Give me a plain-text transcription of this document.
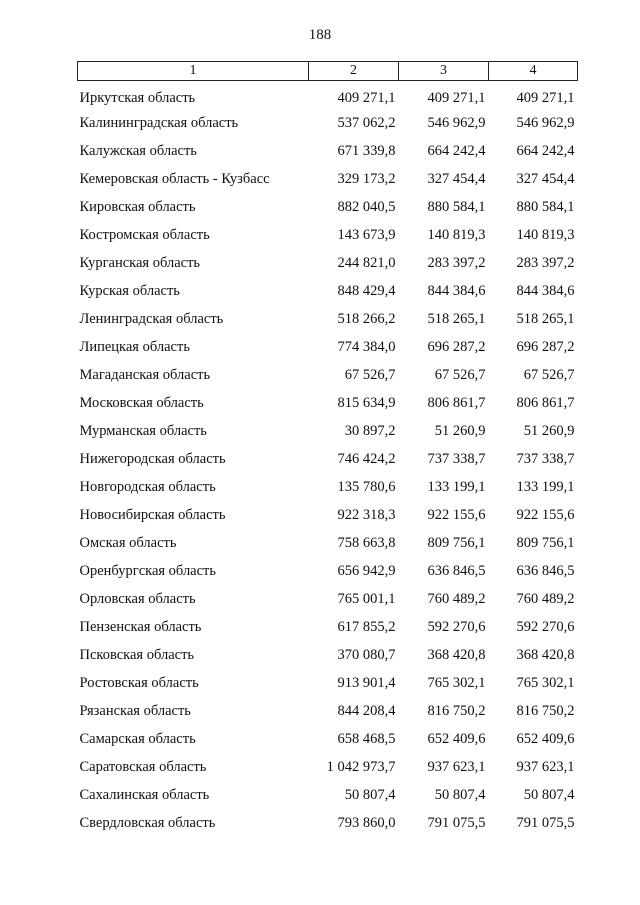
188
1	2	3	4
Иркутская область	409 271,1	409 271,1	409 271,1
Калининградская область	537 062,2	546 962,9	546 962,9
Калужская область	671 339,8	664 242,4	664 242,4
Кемеровская область - Кузбасс	329 173,2	327 454,4	327 454,4
Кировская область	882 040,5	880 584,1	880 584,1
Костромская область	143 673,9	140 819,3	140 819,3
Курганская область	244 821,0	283 397,2	283 397,2
Курская область	848 429,4	844 384,6	844 384,6
Ленинградская область	518 266,2	518 265,1	518 265,1
Липецкая область	774 384,0	696 287,2	696 287,2
Магаданская область	67 526,7	67 526,7	67 526,7
Московская область	815 634,9	806 861,7	806 861,7
Мурманская область	30 897,2	51 260,9	51 260,9
Нижегородская область	746 424,2	737 338,7	737 338,7
Новгородская область	135 780,6	133 199,1	133 199,1
Новосибирская область	922 318,3	922 155,6	922 155,6
Омская область	758 663,8	809 756,1	809 756,1
Оренбургская область	656 942,9	636 846,5	636 846,5
Орловская область	765 001,1	760 489,2	760 489,2
Пензенская область	617 855,2	592 270,6	592 270,6
Псковская область	370 080,7	368 420,8	368 420,8
Ростовская область	913 901,4	765 302,1	765 302,1
Рязанская область	844 208,4	816 750,2	816 750,2
Самарская область	658 468,5	652 409,6	652 409,6
Саратовская область	1 042 973,7	937 623,1	937 623,1
Сахалинская область	50 807,4	50 807,4	50 807,4
Свердловская область	793 860,0	791 075,5	791 075,5
